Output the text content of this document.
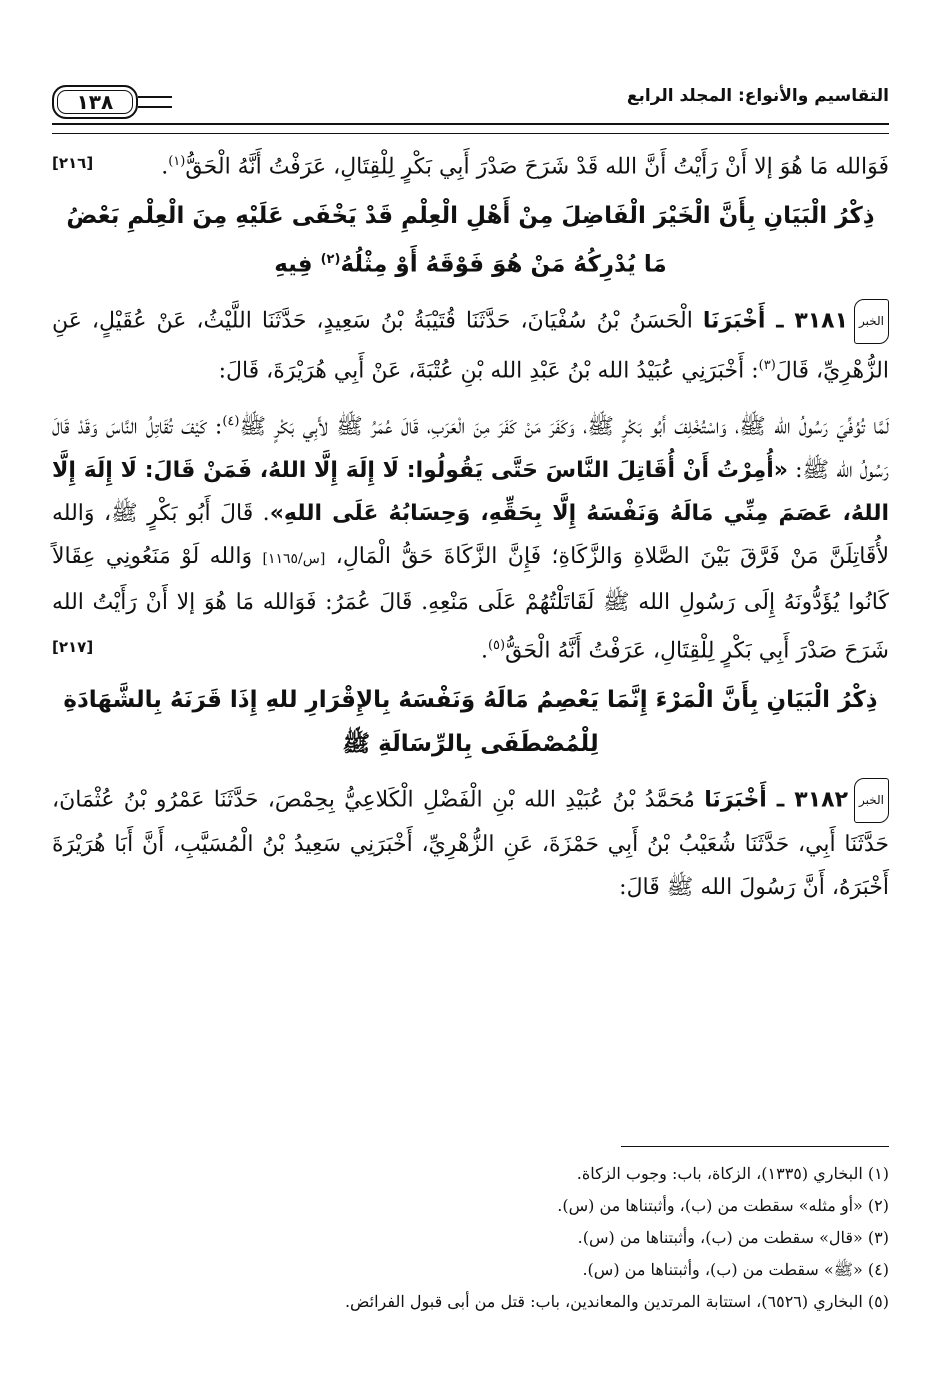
التقاسيم والأنواع: المجلد الرابع
١٣٨

فَوَالله مَا هُوَ إلا أَنْ رَأَيْتُ أَنَّ الله قَدْ شَرَحَ صَدْرَ أَبِي بَكْرٍ لِلْقِتَالِ، عَرَفْتُ أَنَّهُ الْحَقُّ$^{(١)}$.

[٢١٦]
ذِكْرُ الْبَيَانِ بِأَنَّ الْخَيْرَ الْفَاضِلَ مِنْ أَهْلِ الْعِلْمِ قَدْ يَخْفَى عَلَيْهِ مِنَ الْعِلْمِ بَعْضُ مَا يُدْرِكُهُ مَنْ هُوَ فَوْقَهُ أَوْ مِثْلُهُ$^{(٢)}$ فِيهِ

الخبر٣١٨١ ـ أَخْبَرَنَا الْحَسَنُ بْنُ سُفْيَانَ، حَدَّثَنَا قُتَيْبَةُ بْنُ سَعِيدٍ، حَدَّثَنَا اللَّيْثُ، عَنْ عُقَيْلٍ، عَنِ الزُّهْرِيِّ، قَالَ$^{(٣)}$: أَخْبَرَنِي عُبَيْدُ الله بْنُ عَبْدِ الله بْنِ عُتْبَةَ، عَنْ أَبِي هُرَيْرَةَ، قَالَ:

لَمَّا تُوُفِّيَ رَسُولُ الله ﷺ، وَاسْتُخْلِفَ أَبُو بَكْرٍ ﷺ، وَكَفَرَ مَنْ كَفَرَ مِنَ الْعَرَبِ، قَالَ عُمَرُ ﷺ لأَبِي بَكْرٍ ﷺ$^{(٤)}$: كَيْفَ تُقَاتِلُ النَّاسَ وَقَدْ قَالَ رَسُولُ الله ﷺ: «أُمِرْتُ أَنْ أُقَاتِلَ النَّاسَ حَتَّى يَقُولُوا: لَا إِلَهَ إِلَّا اللهُ، فَمَنْ قَالَ: لَا إِلَهَ إِلَّا اللهُ، عَصَمَ مِنِّي مَالَهُ وَنَفْسَهُ إِلَّا بِحَقِّهِ، وَحِسَابُهُ عَلَى اللهِ». قَالَ أَبُو بَكْرٍ ﷺ، وَالله لأُقَاتِلَنَّ مَنْ فَرَّقَ بَيْنَ الصَّلاةِ وَالزَّكَاةِ؛ فَإِنَّ الزَّكَاةَ حَقُّ الْمَالِ، [س/١١٦٥] وَالله لَوْ مَنَعُونِي عِقَالاً كَانُوا يُؤَدُّونَهُ إِلَى رَسُولِ الله ﷺ لَقَاتَلْتُهُمْ عَلَى مَنْعِهِ. قَالَ عُمَرُ: فَوَالله مَا هُوَ إلا أَنْ رَأَيْتُ الله شَرَحَ صَدْرَ أَبِي بَكْرٍ لِلْقِتَالِ، عَرَفْتُ أَنَّهُ الْحَقُّ$^{(٥)}$.

[٢١٧]
ذِكْرُ الْبَيَانِ بِأَنَّ الْمَرْءَ إِنَّمَا يَعْصِمُ مَالَهُ وَنَفْسَهُ بِالإِقْرَارِ للهِ إِذَا قَرَنَهُ بِالشَّهَادَةِ لِلْمُصْطَفَى بِالرِّسَالَةِ ﷺ

الخبر٣١٨٢ ـ أَخْبَرَنَا مُحَمَّدُ بْنُ عُبَيْدِ الله بْنِ الْفَضْلِ الْكَلاعِيُّ بِحِمْصَ، حَدَّثَنَا عَمْرُو بْنُ عُثْمَانَ، حَدَّثَنَا أَبِي، حَدَّثَنَا شُعَيْبُ بْنُ أَبِي حَمْزَةَ، عَنِ الزُّهْرِيِّ، أَخْبَرَنِي سَعِيدُ بْنُ الْمُسَيَّبِ، أَنَّ أَبَا هُرَيْرَةَ أَخْبَرَهُ، أَنَّ رَسُولَ الله ﷺ قَالَ:

(١) البخاري (١٣٣٥)، الزكاة، باب: وجوب الزكاة.

(٢) «أو مثله» سقطت من (ب)، وأثبتناها من (س).

(٣) «قال» سقطت من (ب)، وأثبتناها من (س).

(٤) «ﷺ» سقطت من (ب)، وأثبتناها من (س).

(٥) البخاري (٦٥٢٦)، استتابة المرتدين والمعاندين، باب: قتل من أبى قبول الفرائض.
